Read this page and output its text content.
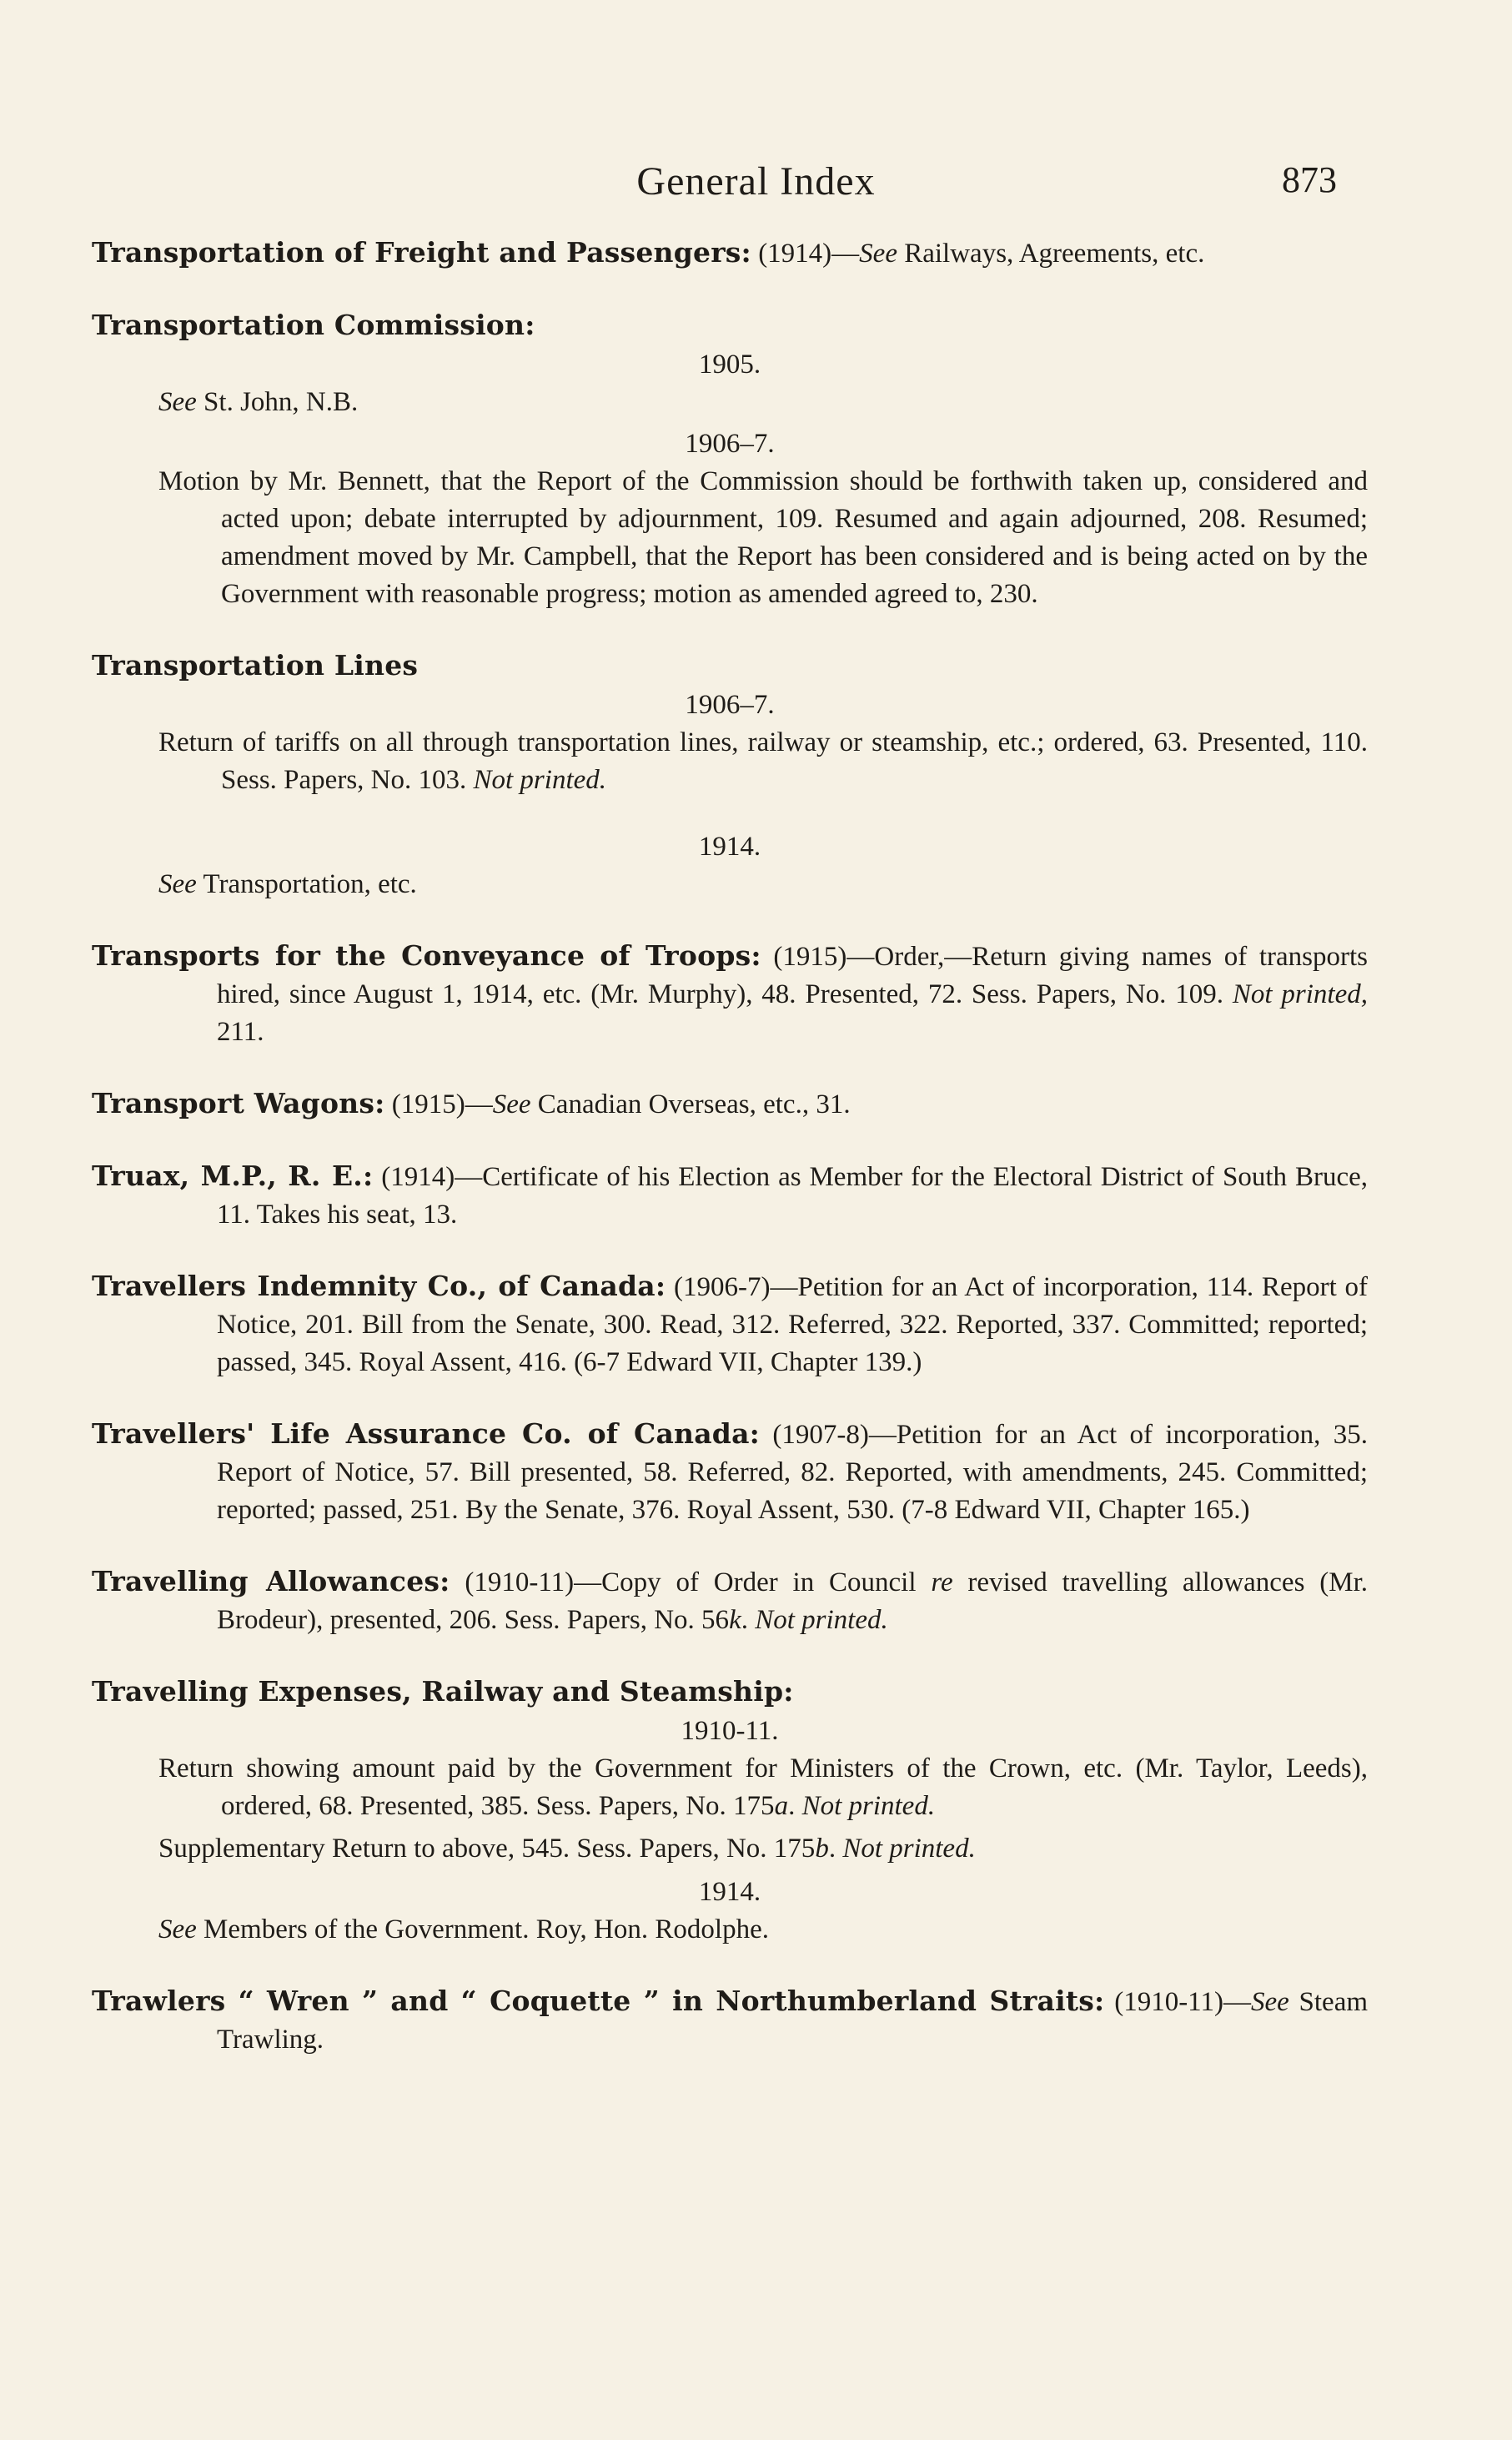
General Index	873
Transportation of Freight and Passengers: (1914)—See Railways, Agreements, etc.
Transportation Commission:
1905.
See St. John, N.B.
1906–7.
Motion by Mr. Bennett, that the Report of the Commission should be forthwith taken up, considered and acted upon; debate interrupted by adjournment, 109. Resumed and again adjourned, 208. Resumed; amendment moved by Mr. Campbell, that the Report has been considered and is being acted on by the Government with reasonable progress; motion as amended agreed to, 230.
Transportation Lines
1906–7.
Return of tariffs on all through transportation lines, railway or steamship, etc.; ordered, 63. Presented, 110. Sess. Papers, No. 103. Not printed.
1914.
See Transportation, etc.
Transports for the Conveyance of Troops: (1915)—Order,—Return giving names of transports hired, since August 1, 1914, etc. (Mr. Murphy), 48. Presented, 72. Sess. Papers, No. 109. Not printed, 211.
Transport Wagons: (1915)—See Canadian Overseas, etc., 31.
Truax, M.P., R. E.: (1914)—Certificate of his Election as Member for the Electoral District of South Bruce, 11. Takes his seat, 13.
Travellers Indemnity Co., of Canada: (1906-7)—Petition for an Act of incorporation, 114. Report of Notice, 201. Bill from the Senate, 300. Read, 312. Referred, 322. Reported, 337. Committed; reported; passed, 345. Royal Assent, 416. (6-7 Edward VII, Chapter 139.)
Travellers' Life Assurance Co. of Canada: (1907-8)—Petition for an Act of incorporation, 35. Report of Notice, 57. Bill presented, 58. Referred, 82. Reported, with amendments, 245. Committed; reported; passed, 251. By the Senate, 376. Royal Assent, 530. (7-8 Edward VII, Chapter 165.)
Travelling Allowances: (1910-11)—Copy of Order in Council re revised travelling allowances (Mr. Brodeur), presented, 206. Sess. Papers, No. 56k. Not printed.
Travelling Expenses, Railway and Steamship:
1910-11.
Return showing amount paid by the Government for Ministers of the Crown, etc. (Mr. Taylor, Leeds), ordered, 68. Presented, 385. Sess. Papers, No. 175a. Not printed.
Supplementary Return to above, 545. Sess. Papers, No. 175b. Not printed.
1914.
See Members of the Government. Roy, Hon. Rodolphe.
Trawlers “ Wren ” and “ Coquette ” in Northumberland Straits: (1910-11)—See Steam Trawling.
